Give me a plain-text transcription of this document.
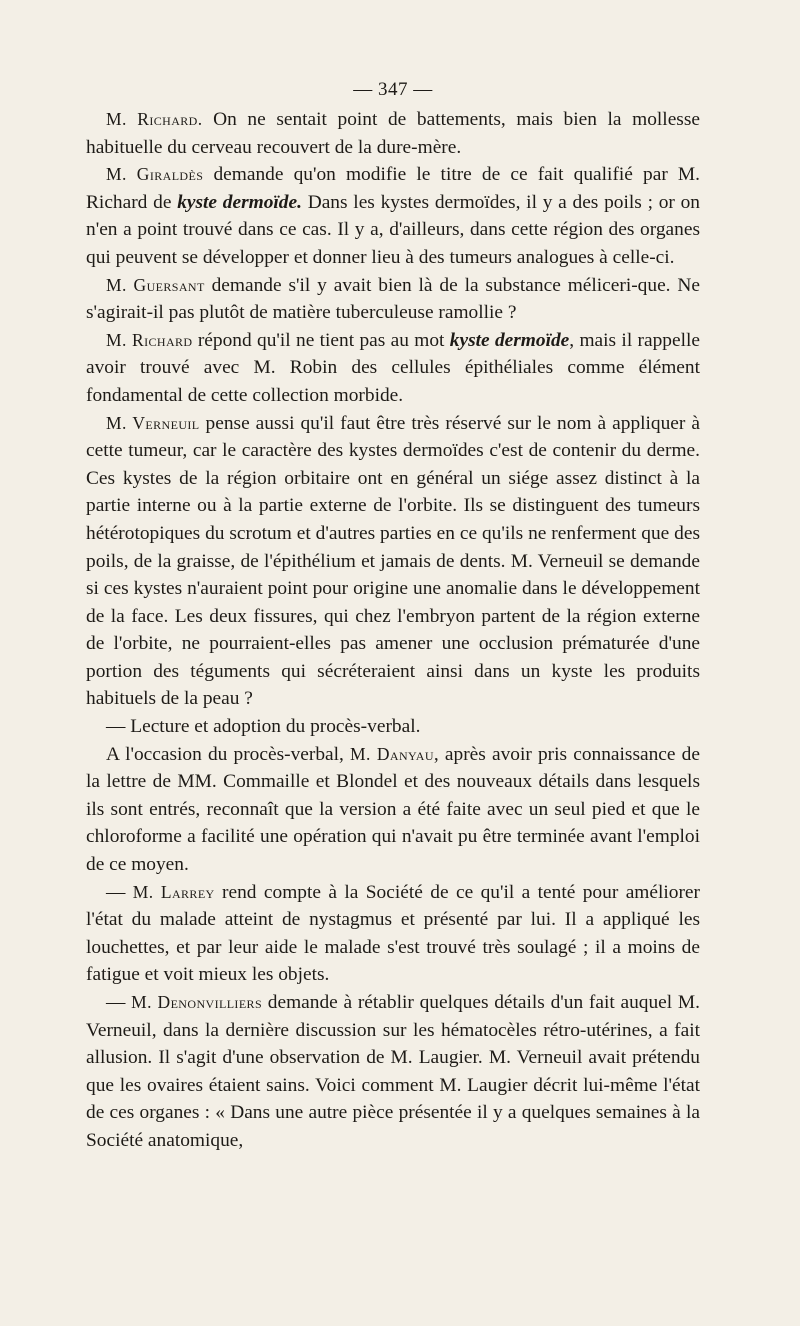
— 347 —

M. Richard. On ne sentait point de battements, mais bien la mollesse habituelle du cerveau recouvert de la dure-mère.

M. Giraldès demande qu'on modifie le titre de ce fait qualifié par M. Richard de kyste dermoïde. Dans les kystes dermoïdes, il y a des poils ; or on n'en a point trouvé dans ce cas. Il y a, d'ailleurs, dans cette région des organes qui peuvent se développer et donner lieu à des tumeurs analogues à celle-ci.

M. Guersant demande s'il y avait bien là de la substance méliceri-que. Ne s'agirait-il pas plutôt de matière tuberculeuse ramollie ?

M. Richard répond qu'il ne tient pas au mot kyste dermoïde, mais il rappelle avoir trouvé avec M. Robin des cellules épithéliales comme élément fondamental de cette collection morbide.

M. Verneuil pense aussi qu'il faut être très réservé sur le nom à appliquer à cette tumeur, car le caractère des kystes dermoïdes c'est de contenir du derme. Ces kystes de la région orbitaire ont en général un siége assez distinct à la partie interne ou à la partie externe de l'orbite. Ils se distinguent des tumeurs hétérotopiques du scrotum et d'autres parties en ce qu'ils ne renferment que des poils, de la graisse, de l'épithélium et jamais de dents. M. Verneuil se demande si ces kystes n'auraient point pour origine une anomalie dans le développement de la face. Les deux fissures, qui chez l'embryon partent de la région externe de l'orbite, ne pourraient-elles pas amener une occlusion prématurée d'une portion des téguments qui sécréteraient ainsi dans un kyste les produits habituels de la peau ?

— Lecture et adoption du procès-verbal.

A l'occasion du procès-verbal, M. Danyau, après avoir pris connaissance de la lettre de MM. Commaille et Blondel et des nouveaux détails dans lesquels ils sont entrés, reconnaît que la version a été faite avec un seul pied et que le chloroforme a facilité une opération qui n'avait pu être terminée avant l'emploi de ce moyen.

— M. Larrey rend compte à la Société de ce qu'il a tenté pour améliorer l'état du malade atteint de nystagmus et présenté par lui. Il a appliqué les louchettes, et par leur aide le malade s'est trouvé très soulagé ; il a moins de fatigue et voit mieux les objets.

— M. Denonvilliers demande à rétablir quelques détails d'un fait auquel M. Verneuil, dans la dernière discussion sur les hématocèles rétro-utérines, a fait allusion. Il s'agit d'une observation de M. Laugier. M. Verneuil avait prétendu que les ovaires étaient sains. Voici comment M. Laugier décrit lui-même l'état de ces organes : « Dans une autre pièce présentée il y a quelques semaines à la Société anatomique,
